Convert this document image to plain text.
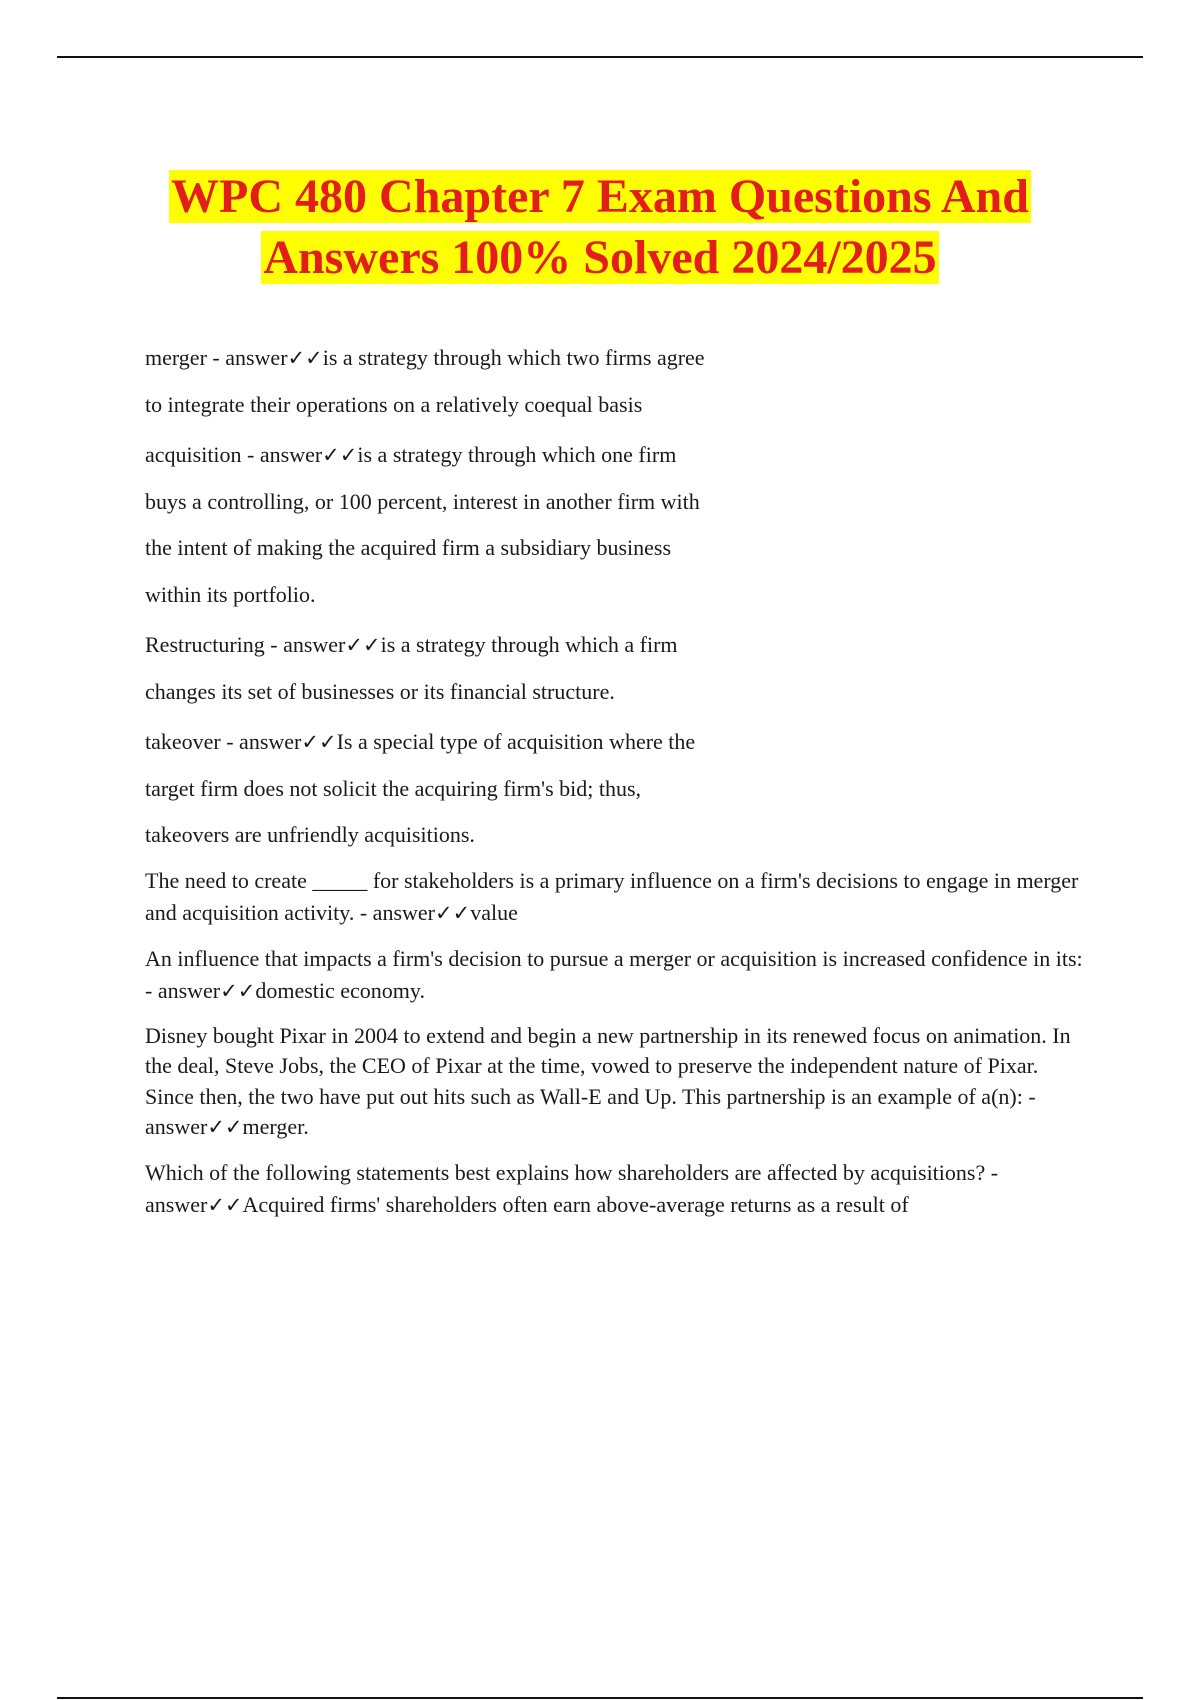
WPC 480 Chapter 7 Exam Questions And
Answers 100% Solved 2024/2025

merger - answer✓✓is a strategy through which two firms agree to integrate their operations on a relatively coequal basis

acquisition - answer✓✓is a strategy through which one firm buys a controlling, or 100 percent, interest in another firm with the intent of making the acquired firm a subsidiary business within its portfolio.

Restructuring - answer✓✓is a strategy through which a firm changes its set of businesses or its financial structure.

takeover - answer✓✓Is a special type of acquisition where the target firm does not solicit the acquiring firm's bid; thus, takeovers are unfriendly acquisitions.

The need to create _____ for stakeholders is a primary influence on a firm's decisions to engage in merger and acquisition activity. - answer✓✓value

An influence that impacts a firm's decision to pursue a merger or acquisition is increased confidence in its: - answer✓✓domestic economy.

Disney bought Pixar in 2004 to extend and begin a new partnership in its renewed focus on animation. In the deal, Steve Jobs, the CEO of Pixar at the time, vowed to preserve the independent nature of Pixar. Since then, the two have put out hits such as Wall-E and Up. This partnership is an example of a(n): - answer✓✓merger.

Which of the following statements best explains how shareholders are affected by acquisitions? - answer✓✓Acquired firms' shareholders often earn above-average returns as a result of
